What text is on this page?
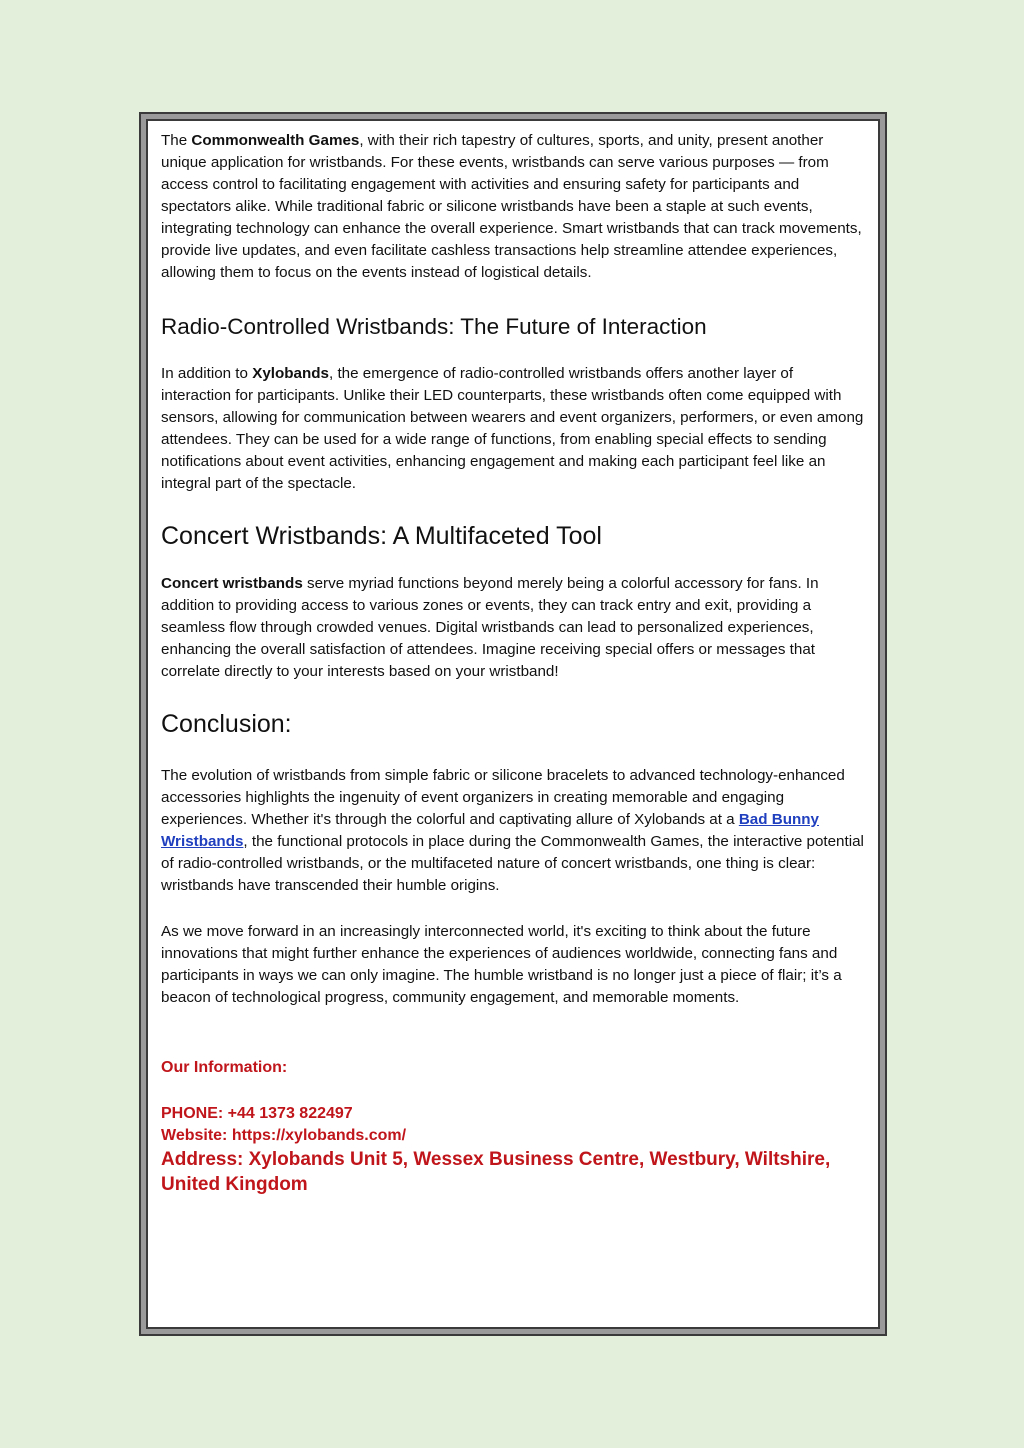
The Commonwealth Games, with their rich tapestry of cultures, sports, and unity, present another unique application for wristbands. For these events, wristbands can serve various purposes — from access control to facilitating engagement with activities and ensuring safety for participants and spectators alike. While traditional fabric or silicone wristbands have been a staple at such events, integrating technology can enhance the overall experience. Smart wristbands that can track movements, provide live updates, and even facilitate cashless transactions help streamline attendee experiences, allowing them to focus on the events instead of logistical details.

Radio-Controlled Wristbands: The Future of Interaction

In addition to Xylobands, the emergence of radio-controlled wristbands offers another layer of interaction for participants. Unlike their LED counterparts, these wristbands often come equipped with sensors, allowing for communication between wearers and event organizers, performers, or even among attendees. They can be used for a wide range of functions, from enabling special effects to sending notifications about event activities, enhancing engagement and making each participant feel like an integral part of the spectacle.

Concert Wristbands: A Multifaceted Tool

Concert wristbands serve myriad functions beyond merely being a colorful accessory for fans. In addition to providing access to various zones or events, they can track entry and exit, providing a seamless flow through crowded venues. Digital wristbands can lead to personalized experiences, enhancing the overall satisfaction of attendees. Imagine receiving special offers or messages that correlate directly to your interests based on your wristband!

Conclusion:

The evolution of wristbands from simple fabric or silicone bracelets to advanced technology-enhanced accessories highlights the ingenuity of event organizers in creating memorable and engaging experiences. Whether it's through the colorful and captivating allure of Xylobands at a Bad Bunny Wristbands, the functional protocols in place during the Commonwealth Games, the interactive potential of radio-controlled wristbands, or the multifaceted nature of concert wristbands, one thing is clear: wristbands have transcended their humble origins.

As we move forward in an increasingly interconnected world, it's exciting to think about the future innovations that might further enhance the experiences of audiences worldwide, connecting fans and participants in ways we can only imagine. The humble wristband is no longer just a piece of flair; it’s a beacon of technological progress, community engagement, and memorable moments.

Our Information:
PHONE: +44 1373 822497
Website: https://xylobands.com/
Address: Xylobands Unit 5, Wessex Business Centre, Westbury, Wiltshire, United Kingdom
